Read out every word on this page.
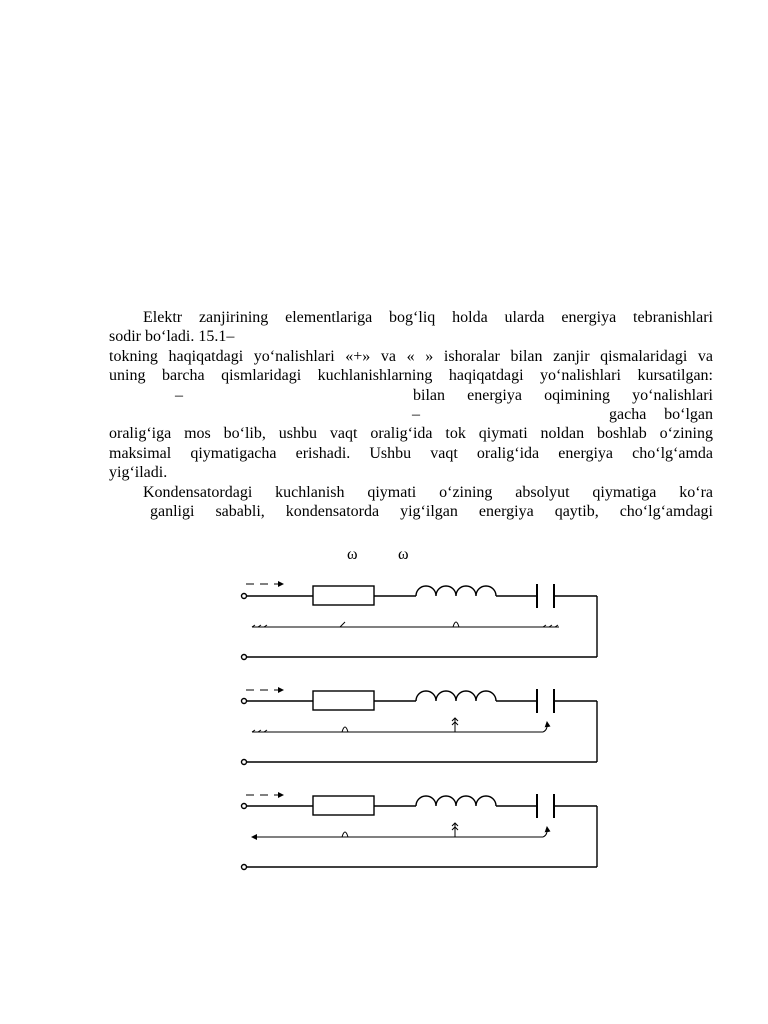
Elektr zanjirining elementlariga bog‘liq holda ularda energiya tebranishlari
sodir bo‘ladi. 15.1–
tokning haqiqatdagi yo‘nalishlari «+» va « » ishoralar bilan zanjir qismalaridagi va
uning barcha qismlaridagi kuchlanishlarning haqiqatdagi yo‘nalishlari kursatilgan:
oralig‘iga mos bo‘lib, ushbu vaqt oralig‘ida tok qiymati noldan boshlab o‘zining
maksimal qiymatigacha erishadi. Ushbu vaqt oralig‘ida energiya cho‘lg‘amda
yig‘iladi.
–	bilan energiya oqimining yo‘nalishlari
–	gacha bo‘lgan
Kondensatordagi kuchlanish qiymati o‘zining absolyut qiymatiga ko‘ra
ganligi sababli, kondensatorda yig‘ilgan energiya qaytib, cho‘lg‘amdagi
ω	ω
